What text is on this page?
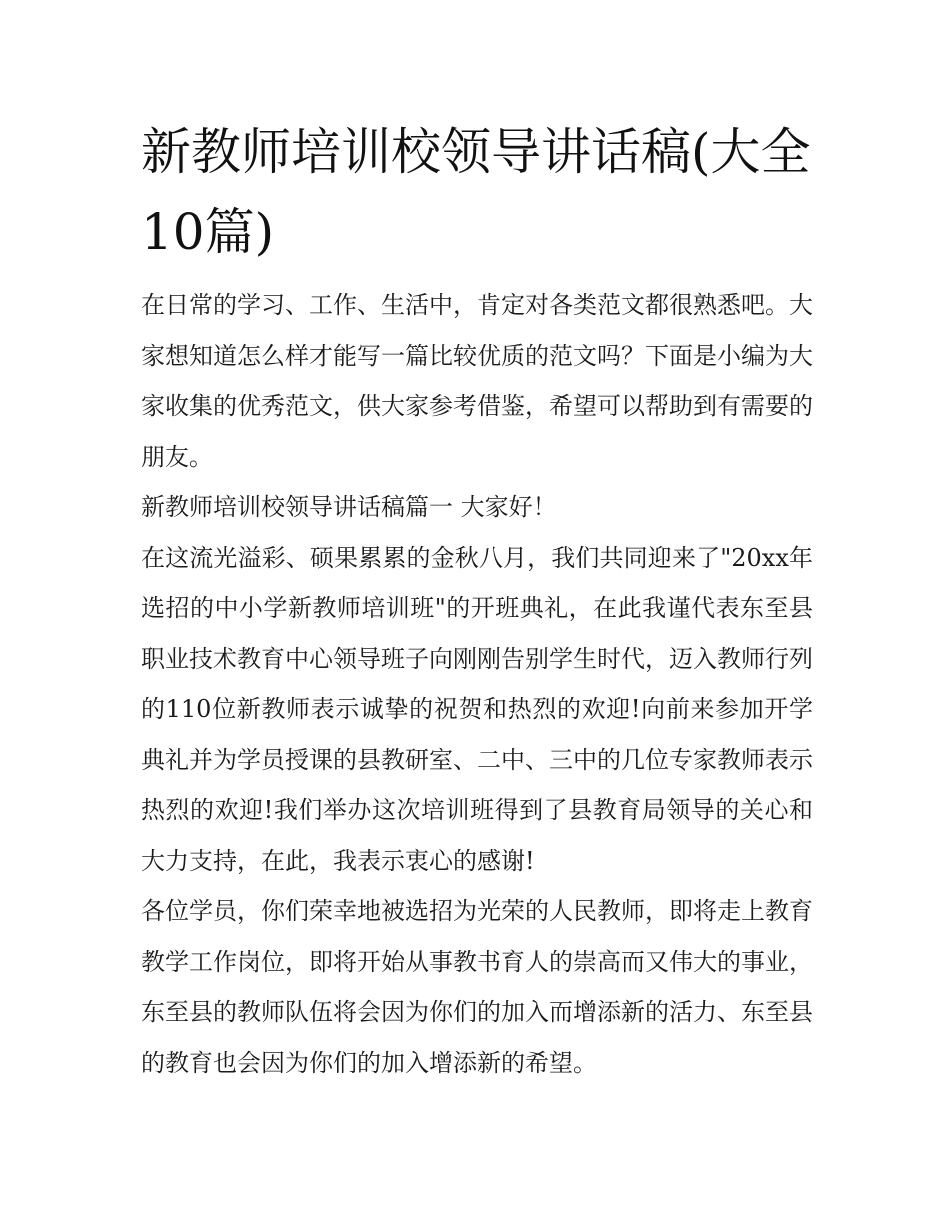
新教师培训校领导讲话稿(大全10篇)

在日常的学习、工作、生活中，肯定对各类范文都很熟悉吧。大家想知道怎么样才能写一篇比较优质的范文吗？下面是小编为大家收集的优秀范文，供大家参考借鉴，希望可以帮助到有需要的朋友。

新教师培训校领导讲话稿篇一 大家好！

在这流光溢彩、硕果累累的金秋八月，我们共同迎来了"20xx年选招的中小学新教师培训班"的开班典礼，在此我谨代表东至县职业技术教育中心领导班子向刚刚告别学生时代，迈入教师行列的110位新教师表示诚挚的祝贺和热烈的欢迎!向前来参加开学典礼并为学员授课的县教研室、二中、三中的几位专家教师表示热烈的欢迎!我们举办这次培训班得到了县教育局领导的关心和大力支持，在此，我表示衷心的感谢!

各位学员，你们荣幸地被选招为光荣的人民教师，即将走上教育教学工作岗位，即将开始从事教书育人的崇高而又伟大的事业，东至县的教师队伍将会因为你们的加入而增添新的活力、东至县的教育也会因为你们的加入增添新的希望。
